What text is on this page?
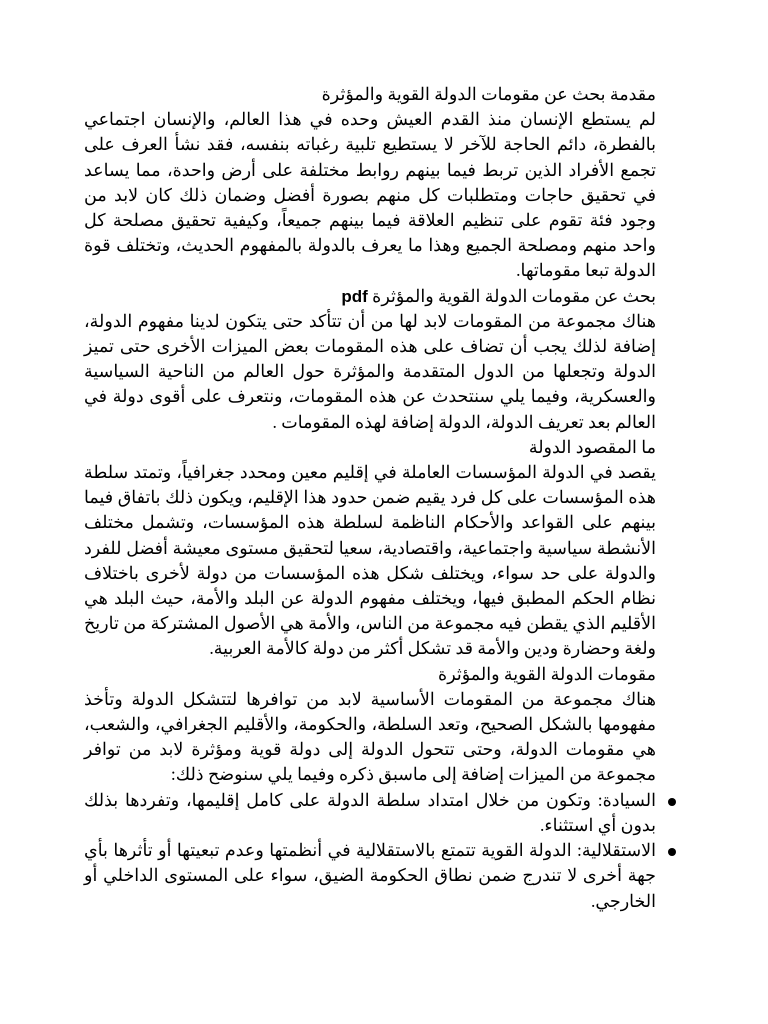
مقدمة بحث عن مقومات الدولة القوية والمؤثرة

لم يستطع الإنسان منذ القدم العيش وحده في هذا العالم، والإنسان اجتماعي بالفطرة، دائم الحاجة للآخر لا يستطيع تلبية رغباته بنفسه، فقد نشأ العرف على تجمع الأفراد الذين تربط فيما بينهم روابط مختلفة على أرض واحدة، مما يساعد في تحقيق حاجات ومتطلبات كل منهم بصورة أفضل وضمان ذلك كان لابد من وجود فئة تقوم على تنظيم العلاقة فيما بينهم جميعاً، وكيفية تحقيق مصلحة كل واحد منهم ومصلحة الجميع وهذا ما يعرف بالدولة بالمفهوم الحديث، وتختلف قوة الدولة تبعا مقوماتها.

بحث عن مقومات الدولة القوية والمؤثرة pdf

هناك مجموعة من المقومات لابد لها من أن تتأكد حتى يتكون لدينا مفهوم الدولة، إضافة لذلك يجب أن تضاف على هذه المقومات بعض الميزات الأخرى حتى تميز الدولة وتجعلها من الدول المتقدمة والمؤثرة حول العالم من الناحية السياسية والعسكرية، وفيما يلي سنتحدث عن هذه المقومات، ونتعرف على أقوى دولة في العالم بعد تعريف الدولة، الدولة إضافة لهذه المقومات .

ما المقصود الدولة

يقصد في الدولة المؤسسات العاملة في إقليم معين ومحدد جغرافياً، وتمتد سلطة هذه المؤسسات على كل فرد يقيم ضمن حدود هذا الإقليم، ويكون ذلك باتفاق فيما بينهم على القواعد والأحكام الناظمة لسلطة هذه المؤسسات، وتشمل مختلف الأنشطة سياسية واجتماعية، واقتصادية، سعيا لتحقيق مستوى معيشة أفضل للفرد والدولة على حد سواء، ويختلف شكل هذه المؤسسات من دولة لأخرى باختلاف نظام الحكم المطبق فيها، ويختلف مفهوم الدولة عن البلد والأمة، حيث البلد هي الأقليم الذي يقطن فيه مجموعة من الناس، والأمة هي الأصول المشتركة من تاريخ ولغة وحضارة ودين والأمة قد تشكل أكثر من دولة كالأمة العربية.

مقومات الدولة القوية والمؤثرة

هناك مجموعة من المقومات الأساسية لابد من توافرها لتتشكل الدولة وتأخذ مفهومها بالشكل الصحيح، وتعد السلطة، والحكومة، والأقليم الجغرافي، والشعب، هي مقومات الدولة، وحتى تتحول الدولة إلى دولة قوية ومؤثرة لابد من توافر مجموعة من الميزات إضافة إلى ماسبق ذكره وفيما يلي سنوضح ذلك:

السيادة: وتكون من خلال امتداد سلطة الدولة على كامل إقليمها، وتفردها بذلك بدون أي استثناء.
الاستقلالية: الدولة القوية تتمتع بالاستقلالية في أنظمتها وعدم تبعيتها أو تأثرها بأي جهة أخرى لا تندرج ضمن نطاق الحكومة الضيق، سواء على المستوى الداخلي أو الخارجي.
